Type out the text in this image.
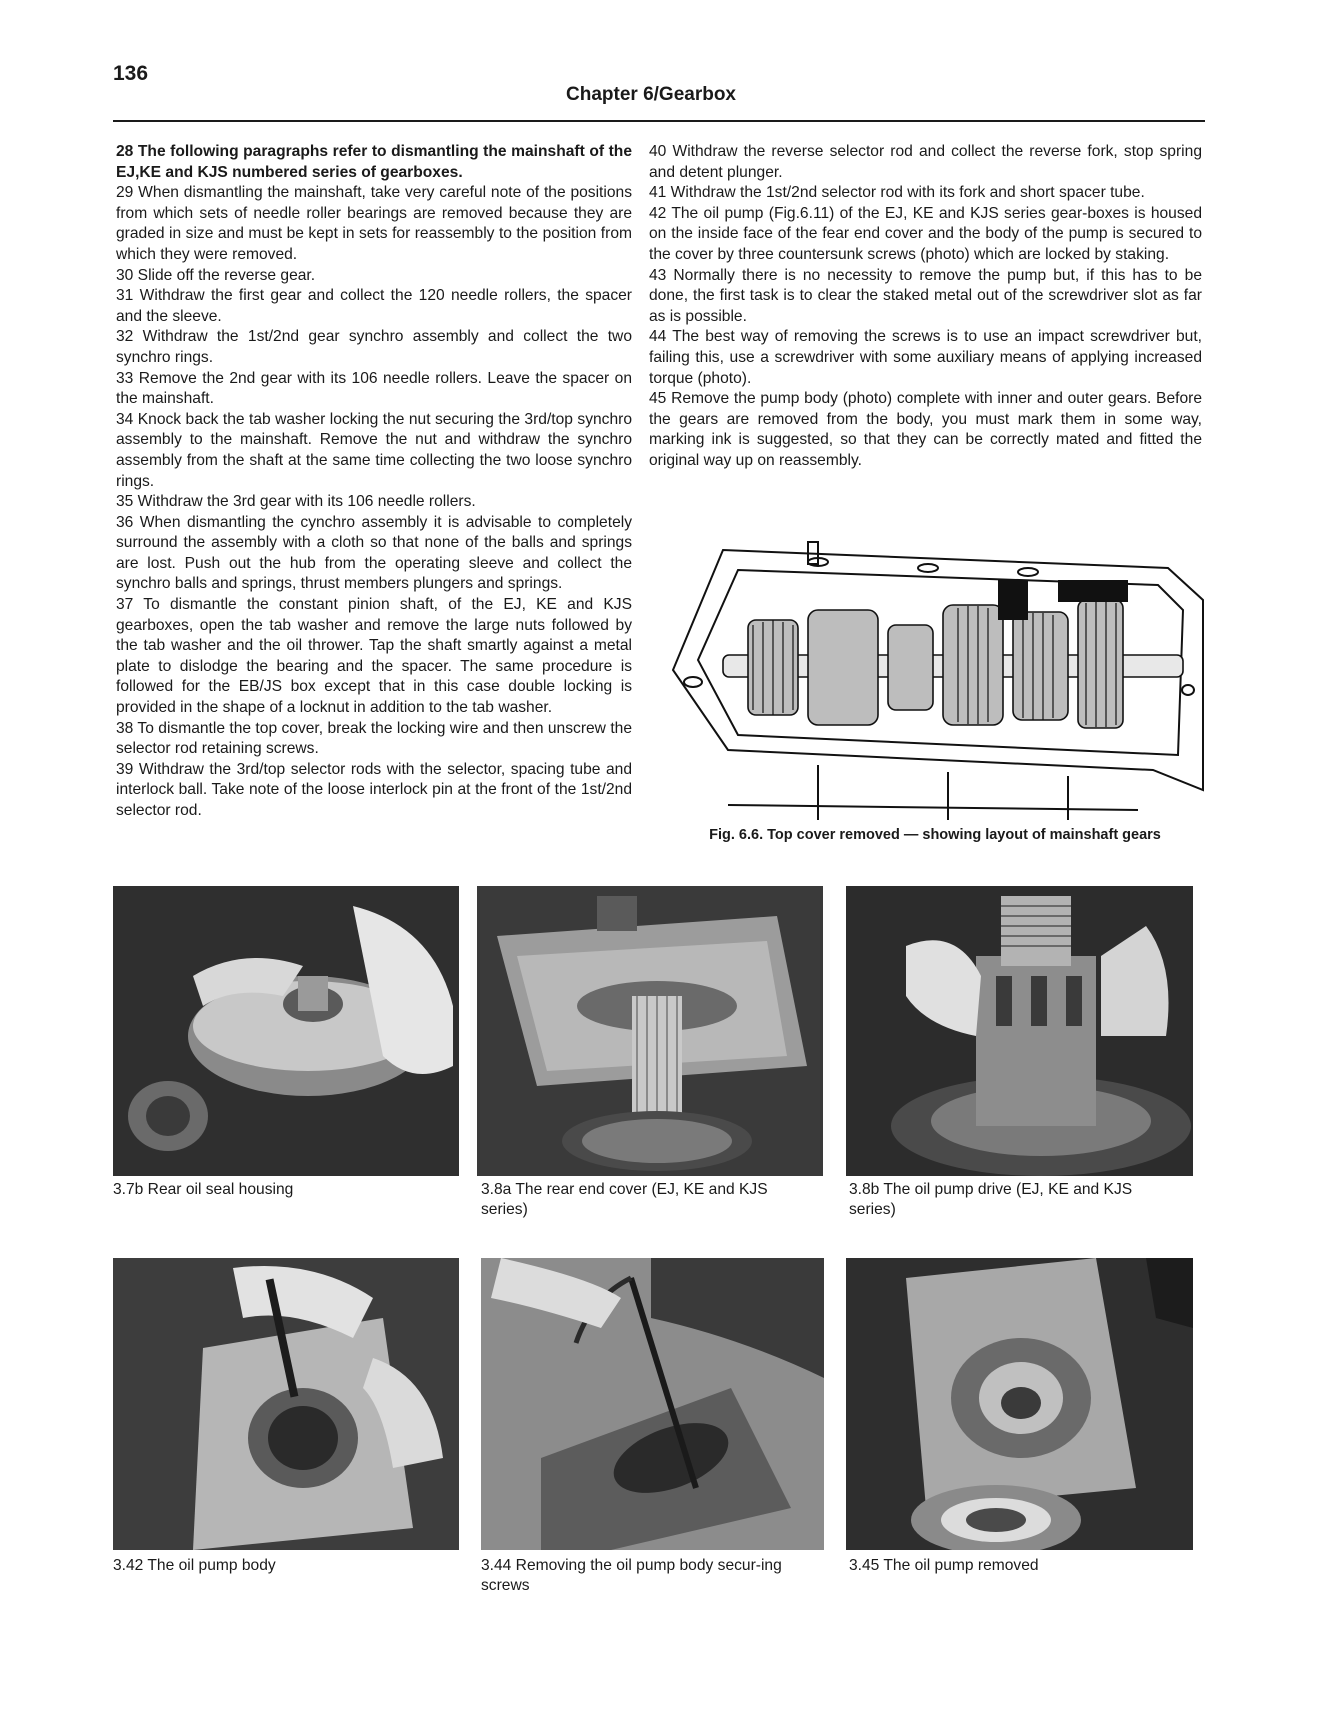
136
Chapter 6/Gearbox

28 The following paragraphs refer to dismantling the mainshaft of the EJ,KE and KJS numbered series of gearboxes.

29 When dismantling the mainshaft, take very careful note of the positions from which sets of needle roller bearings are removed because they are graded in size and must be kept in sets for reassembly to the position from which they were removed.

30 Slide off the reverse gear.

31 Withdraw the first gear and collect the 120 needle rollers, the spacer and the sleeve.

32 Withdraw the 1st/2nd gear synchro assembly and collect the two synchro rings.

33 Remove the 2nd gear with its 106 needle rollers. Leave the spacer on the mainshaft.

34 Knock back the tab washer locking the nut securing the 3rd/top synchro assembly to the mainshaft. Remove the nut and withdraw the synchro assembly from the shaft at the same time collecting the two loose synchro rings.

35 Withdraw the 3rd gear with its 106 needle rollers.

36 When dismantling the cynchro assembly it is advisable to completely surround the assembly with a cloth so that none of the balls and springs are lost. Push out the hub from the operating sleeve and collect the synchro balls and springs, thrust members plungers and springs.

37 To dismantle the constant pinion shaft, of the EJ, KE and KJS gearboxes, open the tab washer and remove the large nuts followed by the tab washer and the oil thrower. Tap the shaft smartly against a metal plate to dislodge the bearing and the spacer. The same procedure is followed for the EB/JS box except that in this case double locking is provided in the shape of a locknut in addition to the tab washer.

38 To dismantle the top cover, break the locking wire and then unscrew the selector rod retaining screws.

39 Withdraw the 3rd/top selector rods with the selector, spacing tube and interlock ball. Take note of the loose interlock pin at the front of the 1st/2nd selector rod.

40 Withdraw the reverse selector rod and collect the reverse fork, stop spring and detent plunger.

41 Withdraw the 1st/2nd selector rod with its fork and short spacer tube.

42 The oil pump (Fig.6.11) of the EJ, KE and KJS series gear-boxes is housed on the inside face of the fear end cover and the body of the pump is secured to the cover by three countersunk screws (photo) which are locked by staking.

43 Normally there is no necessity to remove the pump but, if this has to be done, the first task is to clear the staked metal out of the screwdriver slot as far as is possible.

44 The best way of removing the screws is to use an impact screwdriver but, failing this, use a screwdriver with some auxiliary means of applying increased torque (photo).

45 Remove the pump body (photo) complete with inner and outer gears. Before the gears are removed from the body, you must mark them in some way, marking ink is suggested, so that they can be correctly mated and fitted the original way up on reassembly.

Fig. 6.6. Top cover removed — showing layout of mainshaft gears
3.7b Rear oil seal housing	3.8a The rear end cover (EJ, KE and KJS series)
3.8b The oil pump drive (EJ, KE and KJS series)
3.42 The oil pump body	3.44 Removing the oil pump body secur-ing screws
3.45 The oil pump removed
